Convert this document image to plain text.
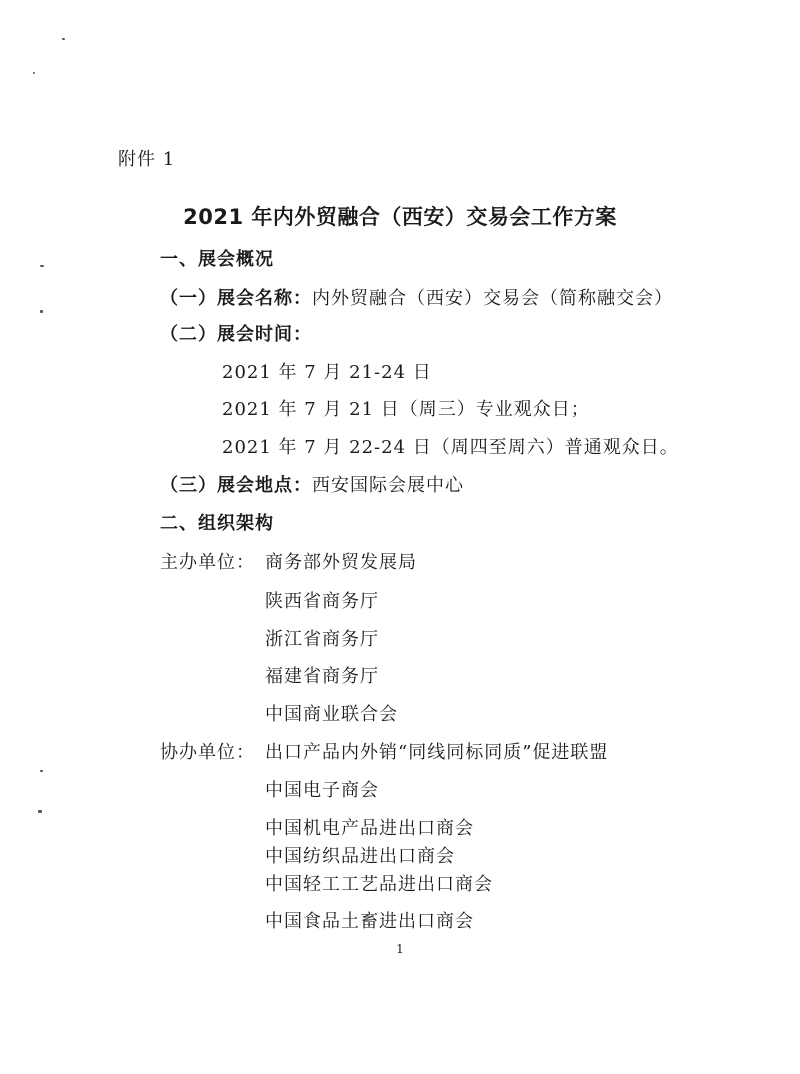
附件 1
2021 年内外贸融合（西安）交易会工作方案
一、展会概况
（一）展会名称：内外贸融合（西安）交易会（简称融交会）
（二）展会时间：
2021 年 7 月 21-24 日
2021 年 7 月 21 日（周三）专业观众日；
2021 年 7 月 22-24 日（周四至周六）普通观众日。
（三）展会地点：西安国际会展中心
二、组织架构
主办单位： 商务部外贸发展局
陕西省商务厅
浙江省商务厅
福建省商务厅
中国商业联合会
协办单位： 出口产品内外销“同线同标同质”促进联盟
中国电子商会
中国机电产品进出口商会
中国纺织品进出口商会
中国轻工工艺品进出口商会
中国食品土畜进出口商会
1
